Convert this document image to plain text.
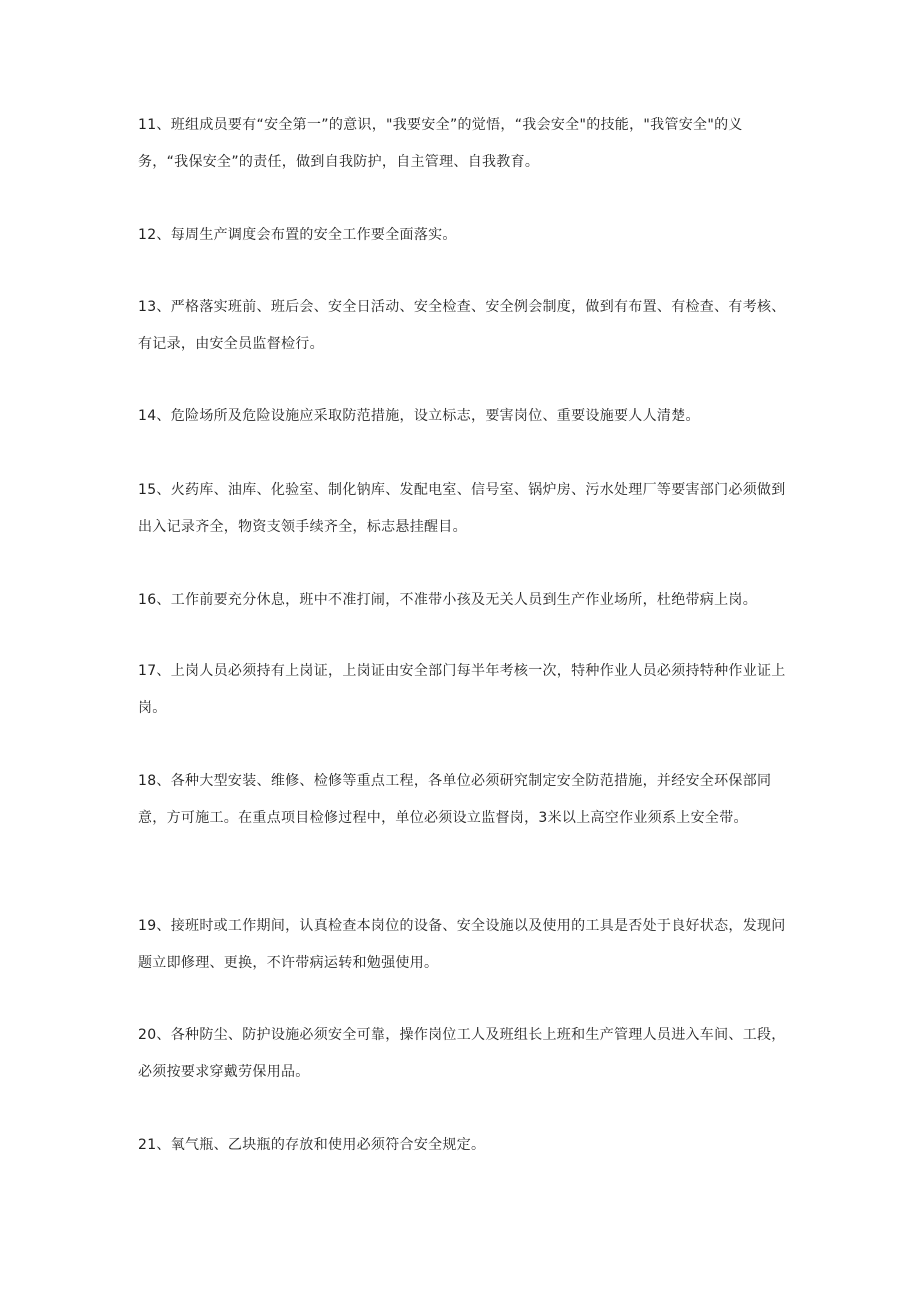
11、班组成员要有“安全第一”的意识，"我要安全”的觉悟，“我会安全"的技能，"我管安全"的义务，“我保安全”的责任，做到自我防护，自主管理、自我教育。

12、每周生产调度会布置的安全工作要全面落实。

13、严格落实班前、班后会、安全日活动、安全检查、安全例会制度，做到有布置、有检查、有考核、有记录，由安全员监督检行。

14、危险场所及危险设施应采取防范措施，设立标志，要害岗位、重要设施要人人清楚。

15、火药库、油库、化验室、制化钠库、发配电室、信号室、锅炉房、污水处理厂等要害部门必须做到出入记录齐全，物资支领手续齐全，标志悬挂醒目。

16、工作前要充分休息，班中不准打闹，不准带小孩及无关人员到生产作业场所，杜绝带病上岗。

17、上岗人员必须持有上岗证，上岗证由安全部门每半年考核一次，特种作业人员必须持特种作业证上岗。

18、各种大型安装、维修、检修等重点工程，各单位必须研究制定安全防范措施，并经安全环保部同意，方可施工。在重点项目检修过程中，单位必须设立监督岗，3米以上高空作业须系上安全带。

19、接班时或工作期间，认真检查本岗位的设备、安全设施以及使用的工具是否处于良好状态，发现问题立即修理、更换，不许带病运转和勉强使用。

20、各种防尘、防护设施必须安全可靠，操作岗位工人及班组长上班和生产管理人员进入车间、工段，必须按要求穿戴劳保用品。

21、氧气瓶、乙块瓶的存放和使用必须符合安全规定。
